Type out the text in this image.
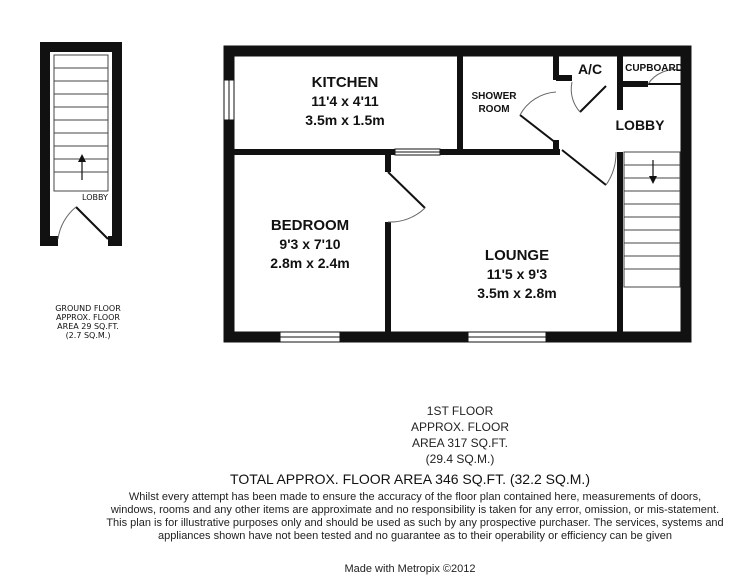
LOBBY
GROUND FLOOR
APPROX. FLOOR
AREA 29 SQ.FT.
(2.7 SQ.M.)
KITCHEN
11'4 x 4'11
3.5m x 1.5m
BEDROOM
9'3 x 7'10
2.8m x 2.4m	LOUNGE
11'5 x 9'3
3.5m x 2.8m
SHOWER
ROOM
A/C CUPBOARD
LOBBY
1ST FLOOR
APPROX. FLOOR
AREA 317 SQ.FT.
(29.4 SQ.M.)
TOTAL APPROX. FLOOR AREA 346 SQ.FT. (32.2 SQ.M.)
Whilst every attempt has been made to ensure the accuracy of the floor plan contained here, measurements of doors, windows, rooms and any other items are approximate and no responsibility is taken for any error, omission, or mis-statement. This plan is for illustrative purposes only and should be used as such by any prospective purchaser. The services, systems and appliances shown have not been tested and no guarantee as to their operability or efficiency can be given
Made with Metropix ©2012
